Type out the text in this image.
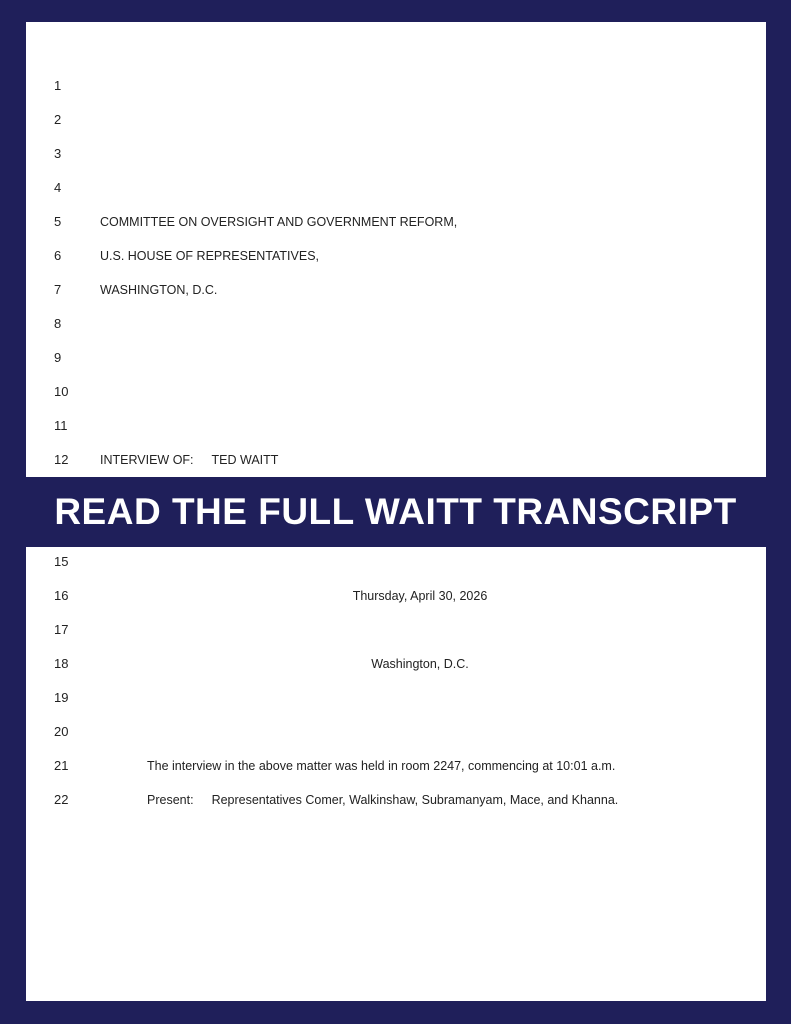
1
2
3
4
5
6
7
8
9
10
11
12
COMMITTEE ON OVERSIGHT AND GOVERNMENT REFORM,
U.S. HOUSE OF REPRESENTATIVES,
WASHINGTON, D.C.
INTERVIEW OF: TED WAITT
READ THE FULL WAITT TRANSCRIPT
15
16
17
18
19
20
21
22
Thursday, April 30, 2026
Washington, D.C.
The interview in the above matter was held in room 2247, commencing at 10:01 a.m.
Present: Representatives Comer, Walkinshaw, Subramanyam, Mace, and Khanna.
